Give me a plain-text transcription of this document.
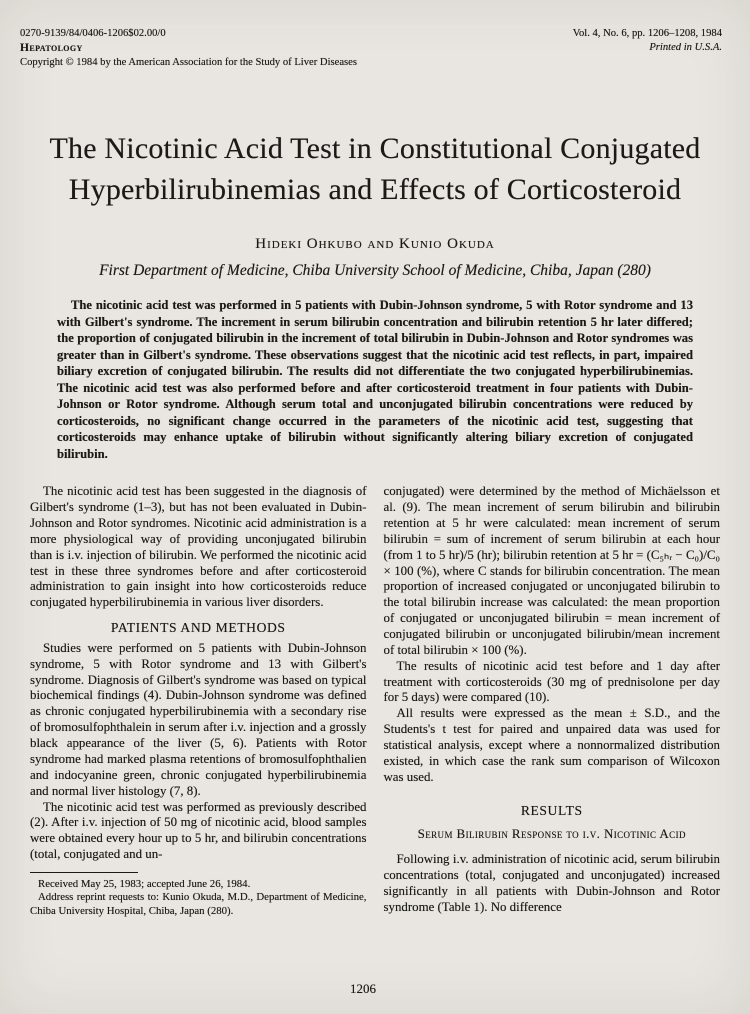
0270-9139/84/0406-1206$02.00/0
Hepatology
Copyright © 1984 by the American Association for the Study of Liver Diseases
Vol. 4, No. 6, pp. 1206–1208, 1984
Printed in U.S.A.
The Nicotinic Acid Test in Constitutional Conjugated Hyperbilirubinemias and Effects of Corticosteroid
Hideki Ohkubo and Kunio Okuda
First Department of Medicine, Chiba University School of Medicine, Chiba, Japan (280)

The nicotinic acid test was performed in 5 patients with Dubin-Johnson syndrome, 5 with Rotor syndrome and 13 with Gilbert's syndrome. The increment in serum bilirubin concentration and bilirubin retention 5 hr later differed; the proportion of conjugated bilirubin in the increment of total bilirubin in Dubin-Johnson and Rotor syndromes was greater than in Gilbert's syndrome. These observations suggest that the nicotinic acid test reflects, in part, impaired biliary excretion of conjugated bilirubin. The results did not differentiate the two conjugated hyperbilirubinemias. The nicotinic acid test was also performed before and after corticosteroid treatment in four patients with Dubin-Johnson or Rotor syndrome. Although serum total and unconjugated bilirubin concentrations were reduced by corticosteroids, no significant change occurred in the parameters of the nicotinic acid test, suggesting that corticosteroids may enhance uptake of bilirubin without significantly altering biliary excretion of conjugated bilirubin.

The nicotinic acid test has been suggested in the diagnosis of Gilbert's syndrome (1–3), but has not been evaluated in Dubin-Johnson and Rotor syndromes. Nicotinic acid administration is a more physiological way of providing unconjugated bilirubin than is i.v. injection of bilirubin. We performed the nicotinic acid test in these three syndromes before and after corticosteroid administration to gain insight into how corticosteroids reduce conjugated hyperbilirubinemia in various liver disorders.

PATIENTS AND METHODS

Studies were performed on 5 patients with Dubin-Johnson syndrome, 5 with Rotor syndrome and 13 with Gilbert's syndrome. Diagnosis of Gilbert's syndrome was based on typical biochemical findings (4). Dubin-Johnson syndrome was defined as chronic conjugated hyperbilirubinemia with a secondary rise of bromosulfophthalein in serum after i.v. injection and a grossly black appearance of the liver (5, 6). Patients with Rotor syndrome had marked plasma retentions of bromosulfophthalien and indocyanine green, chronic conjugated hyperbilirubinemia and normal liver histology (7, 8).

The nicotinic acid test was performed as previously described (2). After i.v. injection of 50 mg of nicotinic acid, blood samples were obtained every hour up to 5 hr, and bilirubin concentrations (total, conjugated and un-

Received May 25, 1983; accepted June 26, 1984.

Address reprint requests to: Kunio Okuda, M.D., Department of Medicine, Chiba University Hospital, Chiba, Japan (280).

conjugated) were determined by the method of Michäelsson et al. (9). The mean increment of serum bilirubin and bilirubin retention at 5 hr were calculated: mean increment of serum bilirubin = sum of increment of serum bilirubin at each hour (from 1 to 5 hr)/5 (hr); bilirubin retention at 5 hr = (C₅ₕᵣ − C₀)/C₀ × 100 (%), where C stands for bilirubin concentration. The mean proportion of increased conjugated or unconjugated bilirubin to the total bilirubin increase was calculated: the mean proportion of conjugated or unconjugated bilirubin = mean increment of conjugated bilirubin or unconjugated bilirubin/mean increment of total bilirubin × 100 (%).

The results of nicotinic acid test before and 1 day after treatment with corticosteroids (30 mg of prednisolone per day for 5 days) were compared (10).

All results were expressed as the mean ± S.D., and the Students's t test for paired and unpaired data was used for statistical analysis, except where a nonnormalized distribution existed, in which case the rank sum comparison of Wilcoxon was used.

RESULTS
Serum Bilirubin Response to i.v. Nicotinic Acid

Following i.v. administration of nicotinic acid, serum bilirubin concentrations (total, conjugated and unconjugated) increased significantly in all patients with Dubin-Johnson and Rotor syndrome (Table 1). No difference

1206
